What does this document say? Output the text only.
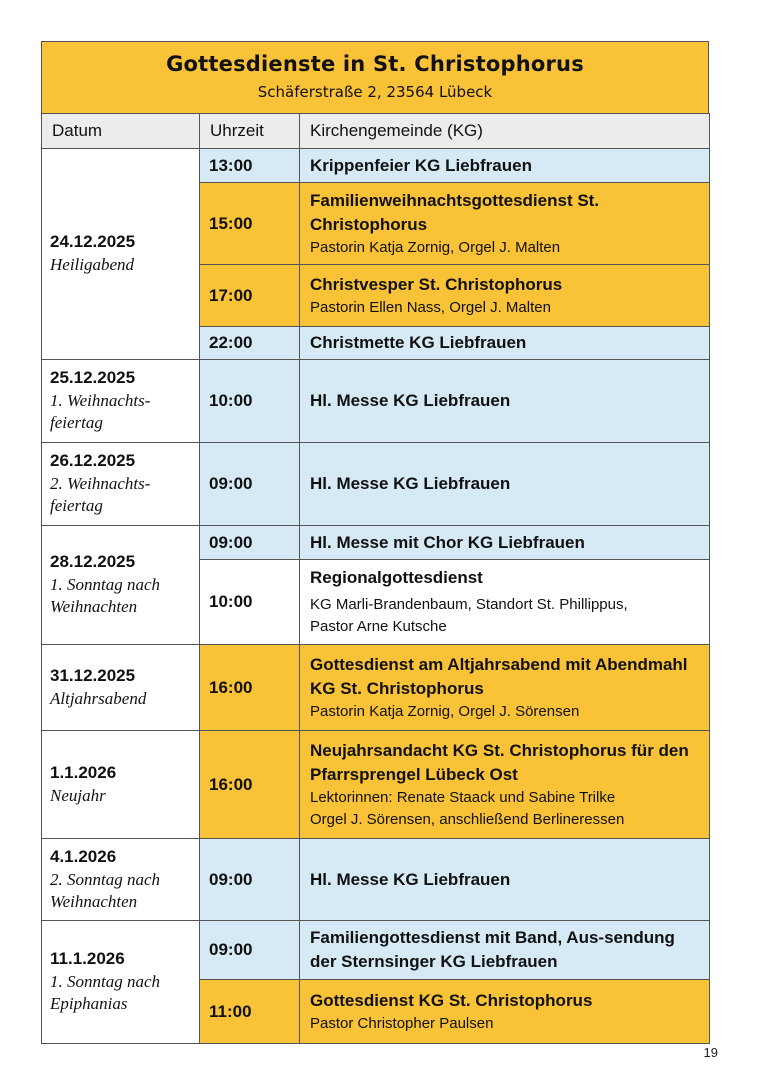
Gottesdienste in St. Christophorus
Schäferstraße 2, 23564 Lübeck
Datum	Uhrzeit	Kirchengemeinde (KG)

24.12.2025
Heiligabend	13:00	Krippenfeier KG Liebfrauen

	15:00	Familienweihnachtsgottesdienst St. Christophorus
Pastorin Katja Zornig, Orgel J. Malten

	17:00	Christvesper St. Christophorus
Pastorin Ellen Nass, Orgel J. Malten

	22:00	Christmette KG Liebfrauen

25.12.2025
1. Weihnachts-feiertag	10:00	Hl. Messe KG Liebfrauen

26.12.2025
2. Weihnachts-feiertag	09:00	Hl. Messe KG Liebfrauen

28.12.2025
1. Sonntag nach Weihnachten	09:00	Hl. Messe mit Chor KG Liebfrauen

	10:00	Regionalgottesdienst
KG Marli-Brandenbaum, Standort St. Phillippus,
Pastor Arne Kutsche

31.12.2025
Altjahrsabend	16:00	Gottesdienst am Altjahrsabend mit Abendmahl KG St. Christophorus
Pastorin Katja Zornig, Orgel J. Sörensen

1.1.2026
Neujahr	16:00	Neujahrsandacht KG St. Christophorus für den Pfarrsprengel Lübeck Ost
Lektorinnen: Renate Staack und Sabine Trilke
Orgel J. Sörensen, anschließend Berlineressen

4.1.2026
2. Sonntag nach Weihnachten	09:00	Hl. Messe KG Liebfrauen

11.1.2026
1. Sonntag nach Epiphanias	09:00	Familiengottesdienst mit Band, Aus-sendung der Sternsinger KG Liebfrauen

	11:00	Gottesdienst KG St. Christophorus
Pastor Christopher Paulsen
19
